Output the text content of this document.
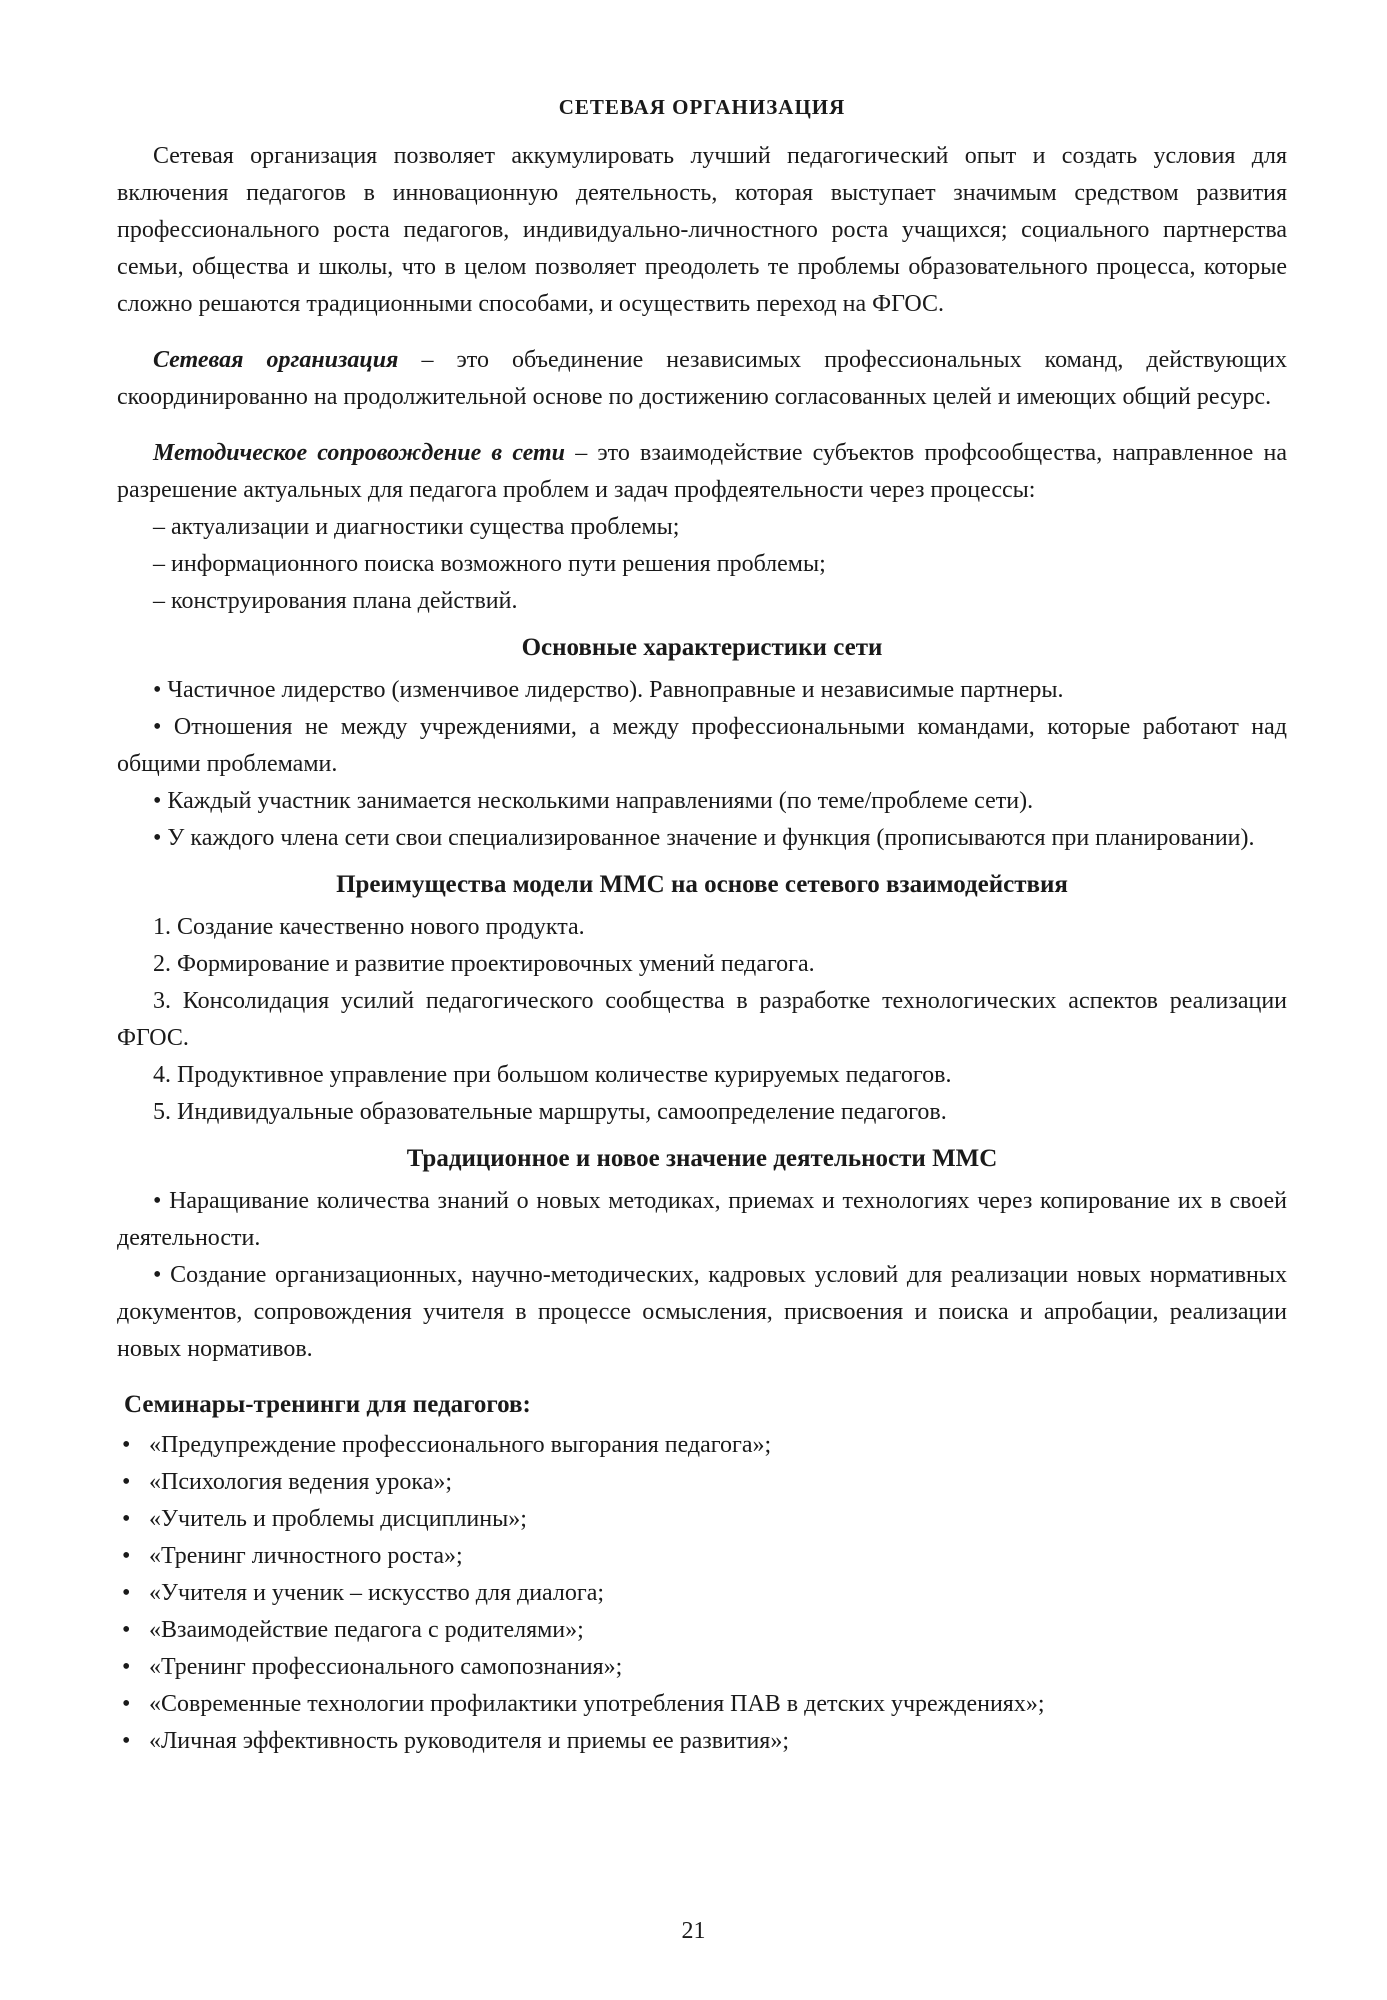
СЕТЕВАЯ ОРГАНИЗАЦИЯ

Сетевая организация позволяет аккумулировать лучший педагогический опыт и создать условия для включения педагогов в инновационную деятельность, которая выступает значимым средством развития профессионального роста педагогов, индивидуально-личностного роста учащихся; социального партнерства семьи, общества и школы, что в целом позволяет преодолеть те проблемы образовательного процесса, которые сложно решаются традиционными способами, и осуществить переход на ФГОС.

Сетевая организация – это объединение независимых профессиональных команд, действующих скоординированно на продолжительной основе по достижению согласованных целей и имеющих общий ресурс.

Методическое сопровождение в сети – это взаимодействие субъектов профсообщества, направленное на разрешение актуальных для педагога проблем и задач профдеятельности через процессы:

– актуализации и диагностики существа проблемы;

– информационного поиска возможного пути решения проблемы;

– конструирования плана действий.

Основные характеристики сети

• Частичное лидерство (изменчивое лидерство). Равноправные и независимые партнеры.

• Отношения не между учреждениями, а между профессиональными командами, которые работают над общими проблемами.

• Каждый участник занимается несколькими направлениями (по теме/проблеме сети).

• У каждого члена сети свои специализированное значение и функция (прописываются при планировании).

Преимущества модели ММС на основе сетевого взаимодействия

1. Создание качественно нового продукта.

2. Формирование и развитие проектировочных умений педагога.

3. Консолидация усилий педагогического сообщества в разработке технологических аспектов реализации ФГОС.

4. Продуктивное управление при большом количестве курируемых педагогов.

5. Индивидуальные образовательные маршруты, самоопределение педагогов.

Традиционное и новое значение деятельности ММС

• Наращивание количества знаний о новых методиках, приемах и технологиях через копирование их в своей деятельности.

• Создание организационных, научно-методических, кадровых условий для реализации новых нормативных документов, сопровождения учителя в процессе осмысления, присвоения и поиска и апробации, реализации новых нормативов.

Семинары-тренинги для педагогов:
• «Предупреждение профессионального выгорания педагога»;
• «Психология ведения урока»;
• «Учитель и проблемы дисциплины»;
• «Тренинг личностного роста»;
• «Учителя и ученик – искусство для диалога;
• «Взаимодействие педагога с родителями»;
• «Тренинг профессионального самопознания»;
• «Современные технологии профилактики употребления ПАВ в детских учреждениях»;
• «Личная эффективность руководителя и приемы ее развития»;
21
